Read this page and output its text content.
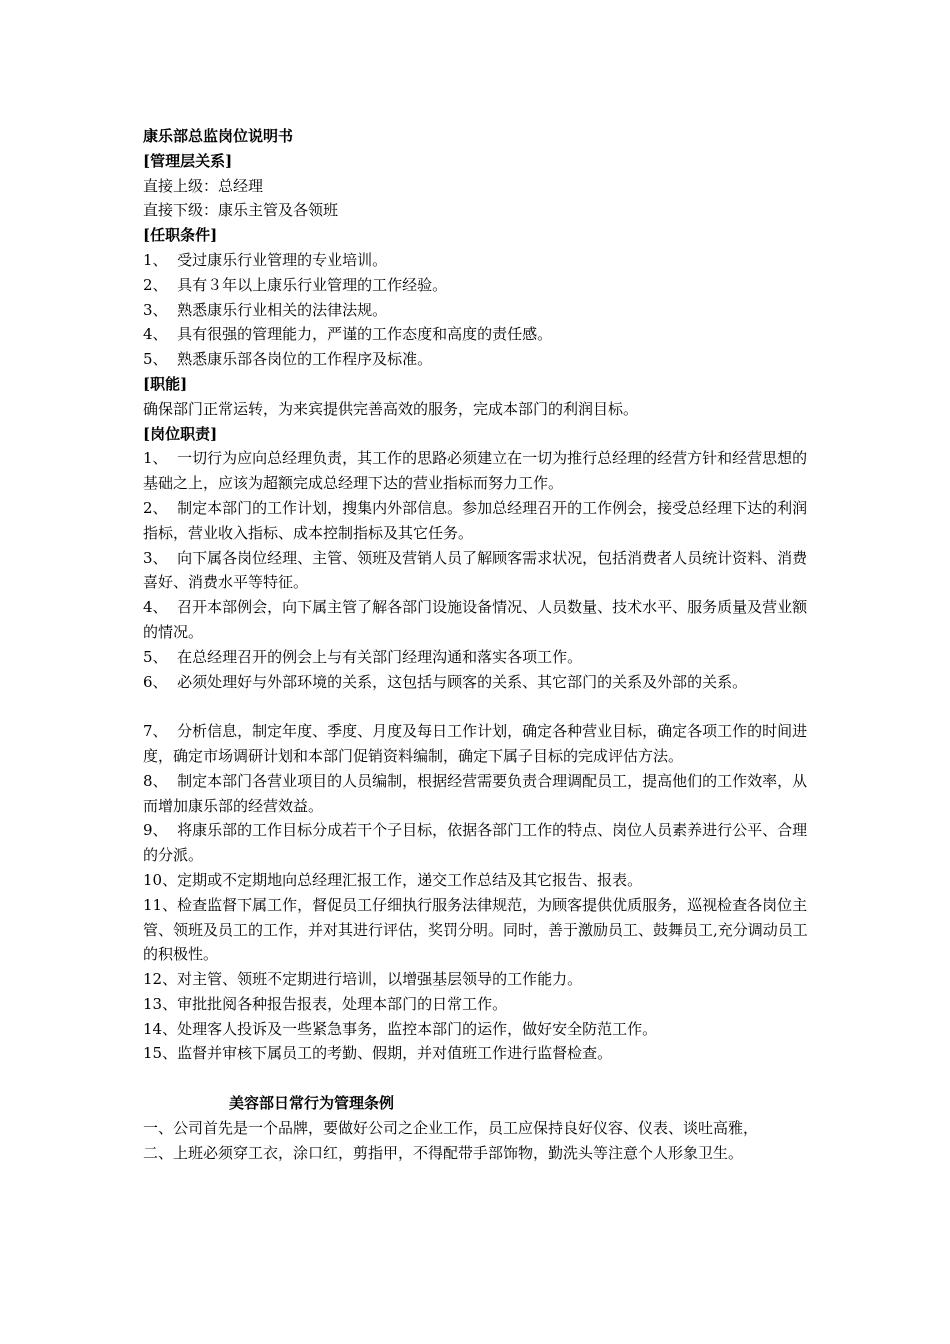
康乐部总监岗位说明书

[管理层关系]

直接上级：总经理

直接下级：康乐主管及各领班

[任职条件]

1、  受过康乐行业管理的专业培训。

2、  具有３年以上康乐行业管理的工作经验。

3、  熟悉康乐行业相关的法律法规。

4、  具有很强的管理能力，严谨的工作态度和高度的责任感。

5、  熟悉康乐部各岗位的工作程序及标准。

[职能]

确保部门正常运转，为来宾提供完善高效的服务，完成本部门的利润目标。

[岗位职责]

1、  一切行为应向总经理负责，其工作的思路必须建立在一切为推行总经理的经营方针和经营思想的基础之上，应该为超额完成总经理下达的营业指标而努力工作。

2、  制定本部门的工作计划，搜集内外部信息。参加总经理召开的工作例会，接受总经理下达的利润指标，营业收入指标、成本控制指标及其它任务。

3、  向下属各岗位经理、主管、领班及营销人员了解顾客需求状况，包括消费者人员统计资料、消费喜好、消费水平等特征。

4、  召开本部例会，向下属主管了解各部门设施设备情况、人员数量、技术水平、服务质量及营业额的情况。

5、  在总经理召开的例会上与有关部门经理沟通和落实各项工作。

6、  必须处理好与外部环境的关系，这包括与顾客的关系、其它部门的关系及外部的关系。

7、  分析信息，制定年度、季度、月度及每日工作计划，确定各种营业目标，确定各项工作的时间进度，确定市场调研计划和本部门促销资料编制，确定下属子目标的完成评估方法。

8、  制定本部门各营业项目的人员编制，根据经营需要负责合理调配员工，提高他们的工作效率，从而增加康乐部的经营效益。

9、  将康乐部的工作目标分成若干个子目标，依据各部门工作的特点、岗位人员素养进行公平、合理的分派。

10、定期或不定期地向总经理汇报工作，递交工作总结及其它报告、报表。

11、检查监督下属工作，督促员工仔细执行服务法律规范，为顾客提供优质服务，巡视检查各岗位主管、领班及员工的工作，并对其进行评估，奖罚分明。同时，善于激励员工、鼓舞员工,充分调动员工的积极性。

12、对主管、领班不定期进行培训，以增强基层领导的工作能力。

13、审批批阅各种报告报表，处理本部门的日常工作。

14、处理客人投诉及一些紧急事务，监控本部门的运作，做好安全防范工作。

15、监督并审核下属员工的考勤、假期，并对值班工作进行监督检查。

美容部日常行为管理条例

一、公司首先是一个品牌，要做好公司之企业工作，员工应保持良好仪容、仪表、谈吐高雅，

二、上班必须穿工衣，涂口红，剪指甲，不得配带手部饰物，勤洗头等注意个人形象卫生。
